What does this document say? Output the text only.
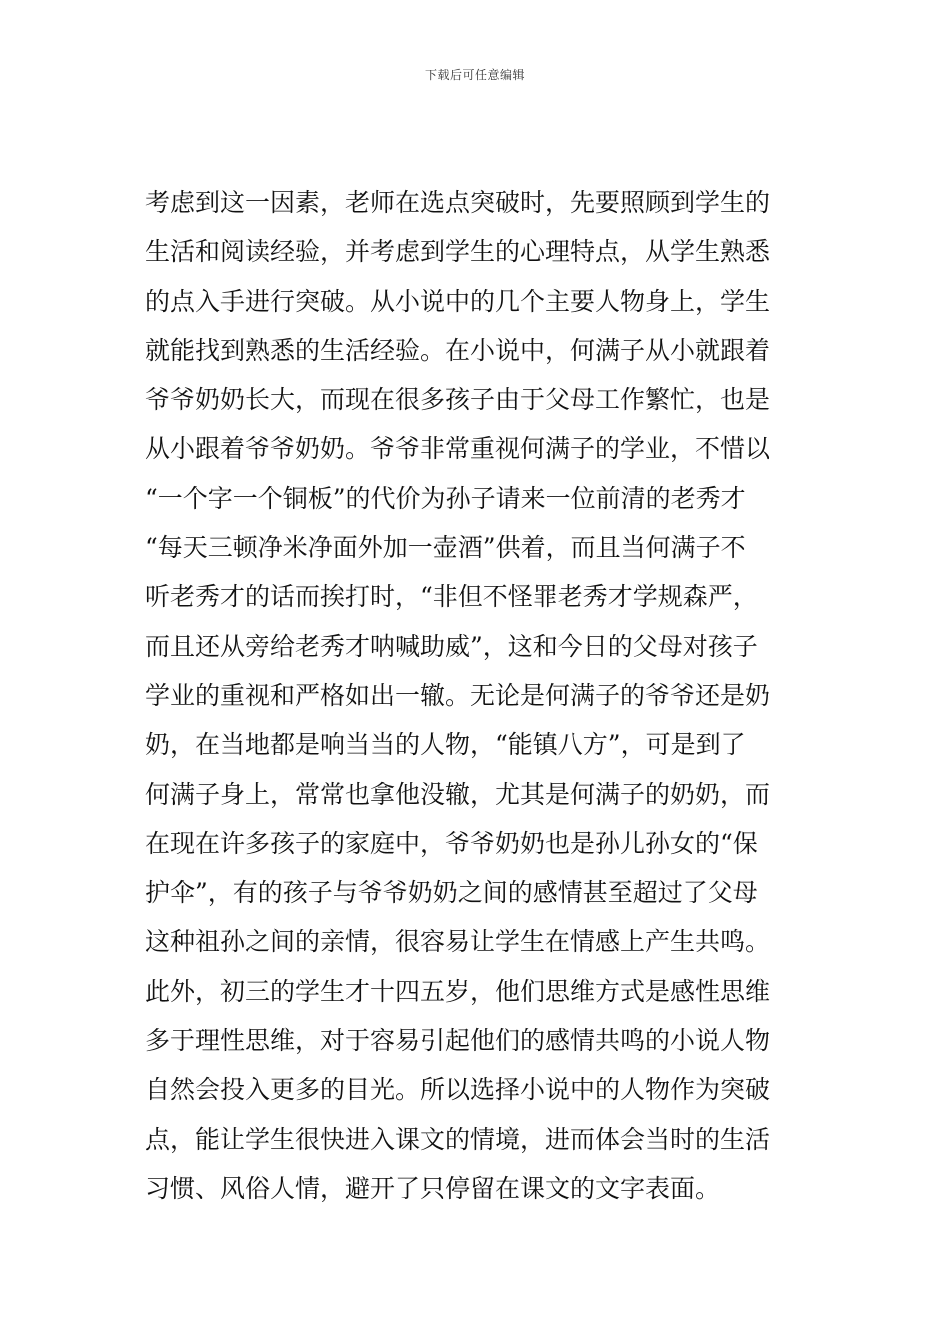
下载后可任意编辑
考虑到这一因素，老师在选点突破时，先要照顾到学生的
生活和阅读经验，并考虑到学生的心理特点，从学生熟悉
的点入手进行突破。从小说中的几个主要人物身上，学生
就能找到熟悉的生活经验。在小说中，何满子从小就跟着
爷爷奶奶长大，而现在很多孩子由于父母工作繁忙，也是
从小跟着爷爷奶奶。爷爷非常重视何满子的学业，不惜以
“一个字一个铜板”的代价为孙子请来一位前清的老秀才
“每天三顿净米净面外加一壶酒”供着，而且当何满子不
听老秀才的话而挨打时，“非但不怪罪老秀才学规森严，
而且还从旁给老秀才呐喊助威”，这和今日的父母对孩子
学业的重视和严格如出一辙。无论是何满子的爷爷还是奶
奶，在当地都是响当当的人物，“能镇八方”，可是到了
何满子身上，常常也拿他没辙，尤其是何满子的奶奶，而
在现在许多孩子的家庭中，爷爷奶奶也是孙儿孙女的“保
护伞”，有的孩子与爷爷奶奶之间的感情甚至超过了父母
这种祖孙之间的亲情，很容易让学生在情感上产生共鸣。
此外，初三的学生才十四五岁，他们思维方式是感性思维
多于理性思维，对于容易引起他们的感情共鸣的小说人物
自然会投入更多的目光。所以选择小说中的人物作为突破
点，能让学生很快进入课文的情境，进而体会当时的生活
习惯、风俗人情，避开了只停留在课文的文字表面。
